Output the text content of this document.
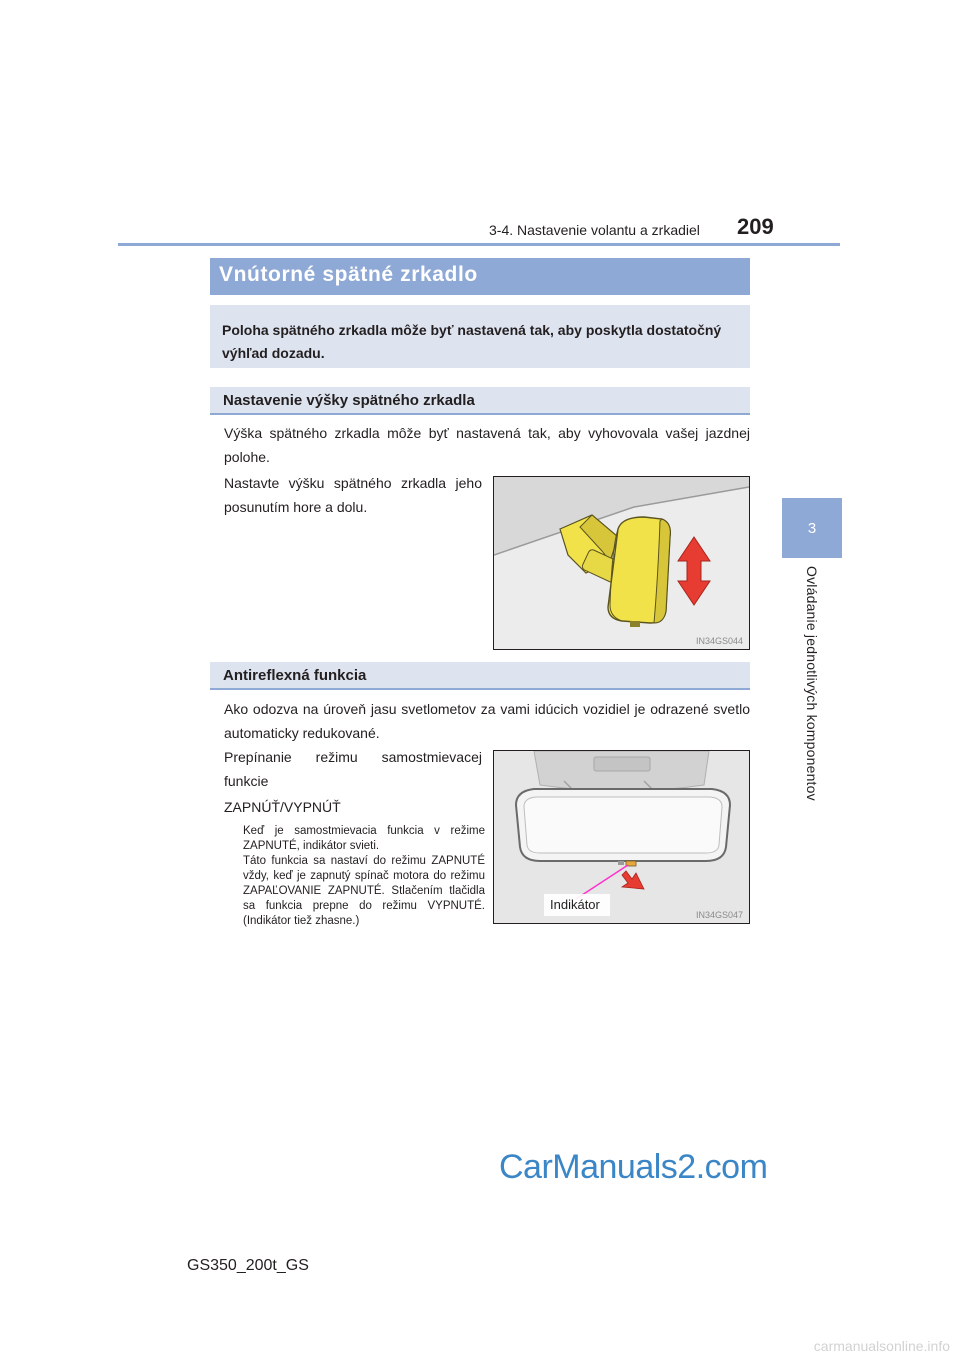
3-4. Nastavenie volantu a zrkadiel 209
3
Ovládanie jednotlivých komponentov
Vnútorné spätné zrkadlo
Poloha spätného zrkadla môže byť nastavená tak, aby poskytla dostatočný výhľad dozadu.
Nastavenie výšky spätného zrkadla
Výška spätného zrkadla môže byť nastavená tak, aby vyhovovala vašej jazdnej polohe.
Nastavte výšku spätného zrkadla jeho posunutím hore a dolu.
IN34GS044
Antireflexná funkcia
Ako odozva na úroveň jasu svetlometov za vami idúcich vozidiel je odrazené svetlo automaticky redukované.
Prepínanie režimu samostmievacej funkcie
ZAPNÚŤ/VYPNÚŤ

Keď je samostmievacia funkcia v režime ZAPNUTÉ, indikátor svieti.

Táto funkcia sa nastaví do režimu ZAPNUTÉ vždy, keď je zapnutý spínač motora do režimu ZAPAĽOVANIE ZAPNUTÉ. Stlačením tlačidla sa funkcia prepne do režimu VYPNUTÉ. (Indikátor tiež zhasne.)

Indikátor
IN34GS047
CarManuals2.com
GS350_200t_GS
carmanualsonline.info
